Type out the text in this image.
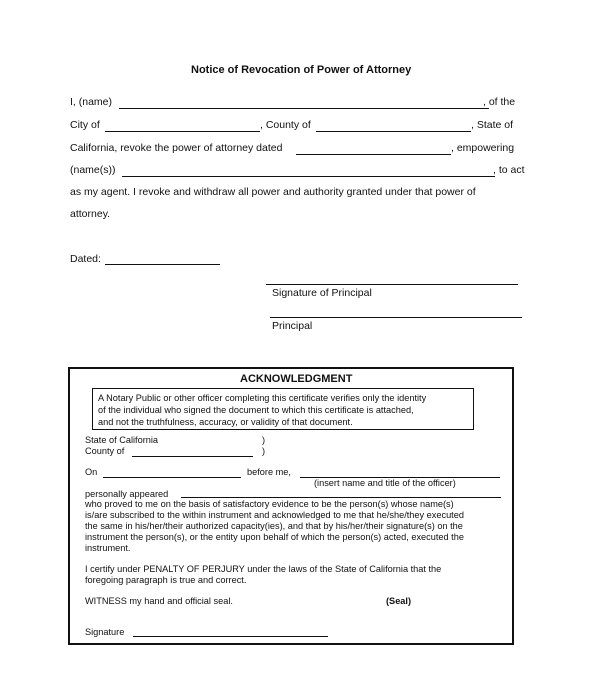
Notice of Revocation of Power of Attorney
I, (name)	, of the
City of	, County of	, State of
California, revoke the power of attorney dated	, empowering
(name(s))	, to act
as my agent. I revoke and withdraw all power and authority granted under that power of
attorney.
Dated:
Signature of Principal
Principal
ACKNOWLEDGMENT
A Notary Public or other officer completing this certificate verifies only the identity
of the individual who signed the document to which this certificate is attached,
and not the truthfulness, accuracy, or validity of that document.
State of California	)
County of	)
On	before me,
(insert name and title of the officer)
personally appeared
who proved to me on the basis of satisfactory evidence to be the person(s) whose name(s)
is/are subscribed to the within instrument and acknowledged to me that he/she/they executed
the same in his/her/their authorized capacity(ies), and that by his/her/their signature(s) on the
instrument the person(s), or the entity upon behalf of which the person(s) acted, executed the
instrument.
I certify under PENALTY OF PERJURY under the laws of the State of California that the
foregoing paragraph is true and correct.
WITNESS my hand and official seal.	(Seal)
Signature
